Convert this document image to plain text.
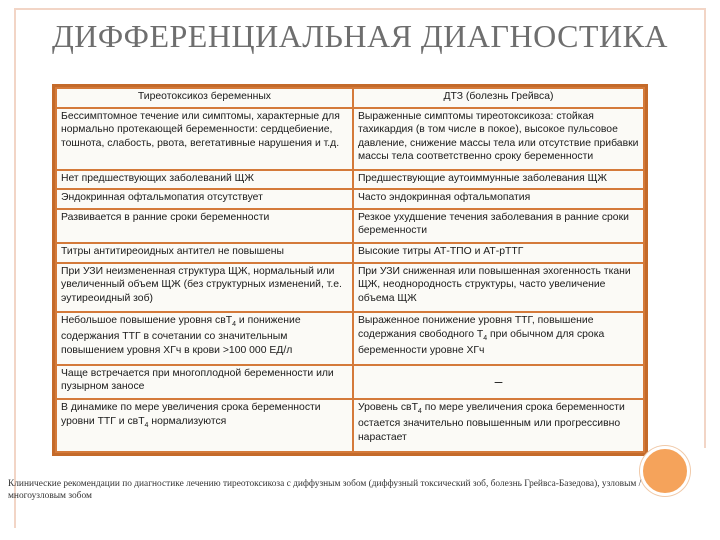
ДИФФЕРЕНЦИАЛЬНАЯ ДИАГНОСТИКА
Тиреотоксикоз беременных	ДТЗ (болезнь Грейвса)
Бессимптомное течение или симптомы, характерные для нормально протекающей беременности: сердцебиение, тошнота, слабость, рвота, вегетативные нарушения и т.д.	Выраженные симптомы тиреотоксикоза: стойкая тахикардия (в том числе в покое), высокое пульсовое давление, снижение массы тела или отсутствие прибавки массы тела соответственно сроку беременности
Нет предшествующих заболеваний ЩЖ	Предшествующие аутоиммунные заболевания ЩЖ
Эндокринная офтальмопатия отсутствует	Часто эндокринная офтальмопатия
Развивается в ранние сроки беременности	Резкое ухудшение течения заболевания в ранние сроки беременности
Титры антитиреоидных антител не повышены	Высокие титры АТ-ТПО и АТ-рТТГ
При УЗИ неизмененная структура ЩЖ, нормальный или увеличенный объем ЩЖ (без структурных изменений, т.е. эутиреоидный зоб)	При УЗИ сниженная или повышенная эхогенность ткани ЩЖ, неоднородность структуры, часто увеличение объема ЩЖ
Небольшое повышение уровня свТ$_4$ и понижение содержания ТТГ в сочетании со значительным повышением уровня ХГч в крови >100 000 ЕД/л	Выраженное понижение уровня ТТГ, повышение содержания свободного $Т_4$ при обычном для срока беременности уровне ХГч
Чаще встречается при многоплодной беременности или пузырном заносе	–
В динамике по мере увеличения срока беременности уровни ТТГ и свТ$_4$ нормализуются	Уровень свТ$_4$ по мере увеличения срока беременности остается значительно повышенным или прогрессивно нарастает
Клинические рекомендации по диагностике лечению тиреотоксикоза с диффузным зобом (диффузный токсический зоб, болезнь Грейвса-Базедова), узловым / многоузловым зобом
